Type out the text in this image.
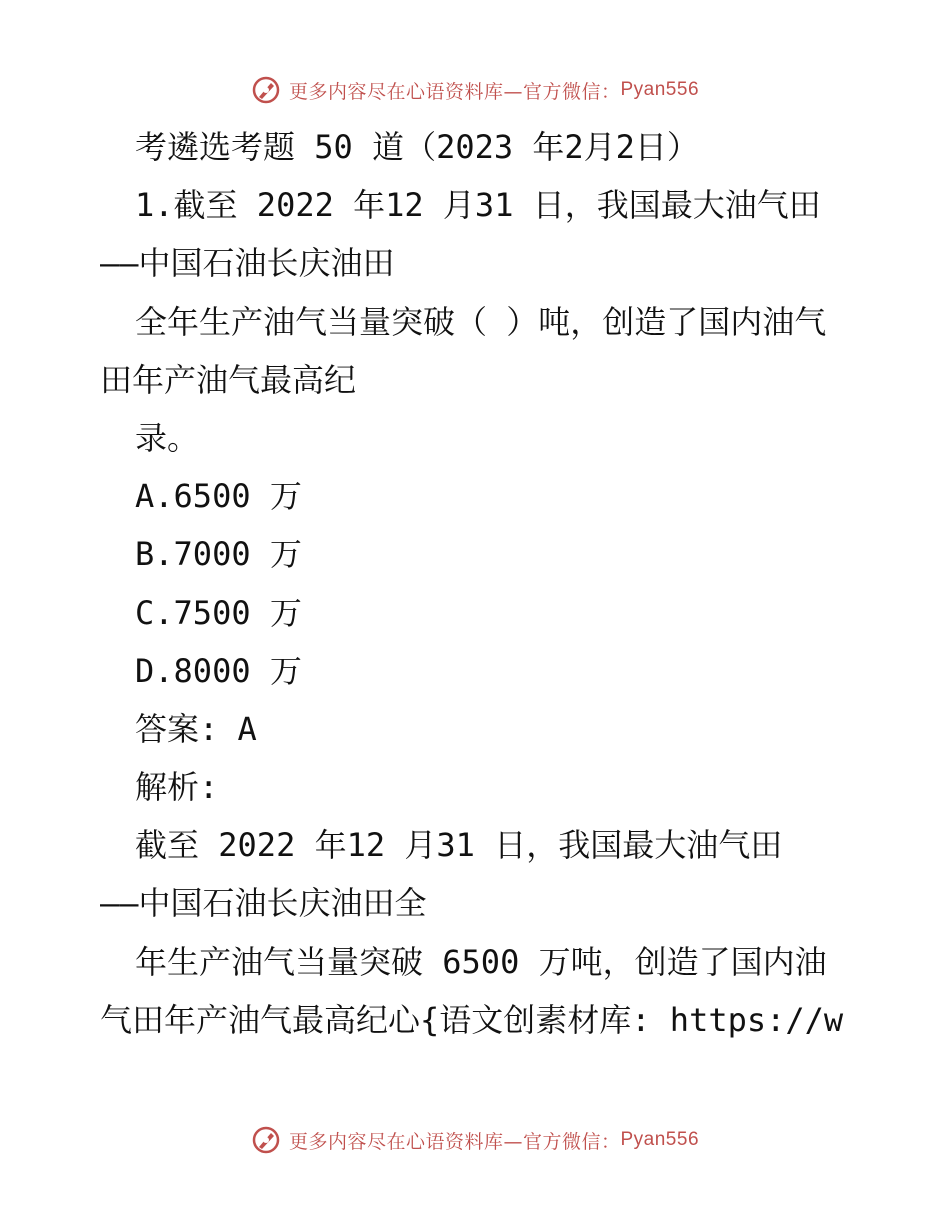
更多内容尽在心语资料库—官方微信： Pyan556
考遴选考题 50 道（2023 年2月2日）
1.截至 2022 年12 月31 日，我国最大油气田
——中国石油长庆油田
全年生产油气当量突破（ ）吨，创造了国内油气
田年产油气最高纪
录。
A.6500 万
B.7000 万
C.7500 万
D.8000 万
答案: A
解析:
截至 2022 年12 月31 日，我国最大油气田
——中国石油长庆油田全
年生产油气当量突破 6500 万吨，创造了国内油
气田年产油气最高纪心{语文创素材库: https://w
更多内容尽在心语资料库—官方微信： Pyan556
